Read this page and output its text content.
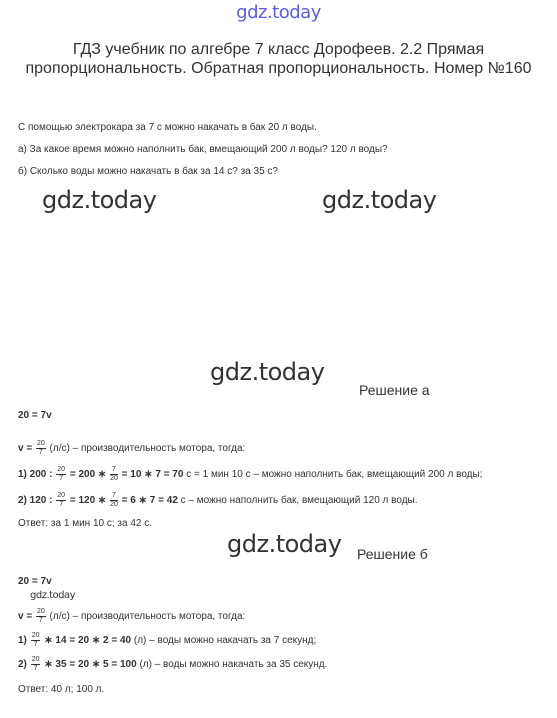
gdz.today
ГДЗ учебник по алгебре 7 класс Дорофеев. 2.2 Прямая пропорциональность. Обратная пропорциональность. Номер №160
С помощью электрокара за 7 с можно накачать в бак 20 л воды.
а) За какое время можно наполнить бак, вмещающий 200 л воды? 120 л воды?
б) Сколько воды можно накачать в бак за 14 с? за 35 с?
gdz.today	gdz.today
gdz.today
Решение а
20 = 7v
$v = \frac{20}{7} (л/с)$ – производительность мотора, тогда:
1) 200 : $\frac{20}{7} = 200$ ∗ $\frac{7}{20} = 10$ ∗ 7 = 70 с = 1 мин 10 с – можно наполнить бак, вмещающий 200 л воды;
2) 120 : $\frac{20}{7} = 120$ ∗ $\frac{7}{20} = 6$ ∗ 7 = 42 с – можно наполнить бак, вмещающий 120 л воды.
Ответ: за 1 мин 10 с; за 42 с.
gdz.today Решение б
20 = 7v
gdz.today
$v = \frac{20}{7} (л/с)$ – производительность мотора, тогда:
$1) \frac{20}{7}$ ∗ 14 = 20 ∗ 2 = 40 (л) – воды можно накачать за 7 секунд;
$2) \frac{20}{7}$ ∗ 35 = 20 ∗ 5 = 100 (л) – воды можно накачать за 35 секунд.
Ответ: 40 л; 100 л.
